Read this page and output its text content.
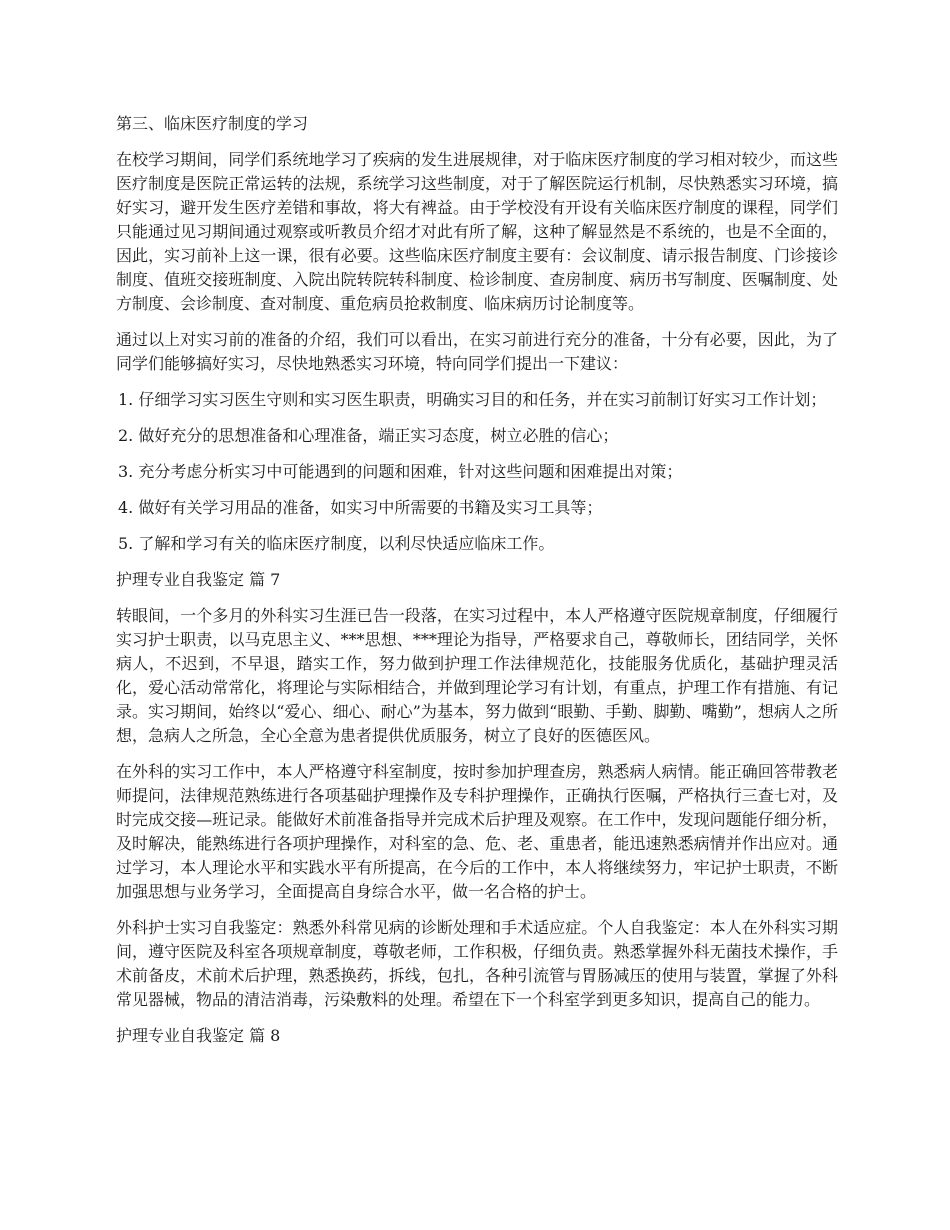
第三、临床医疗制度的学习

在校学习期间，同学们系统地学习了疾病的发生进展规律，对于临床医疗制度的学习相对较少，而这些医疗制度是医院正常运转的法规，系统学习这些制度，对于了解医院运行机制，尽快熟悉实习环境，搞好实习，避开发生医疗差错和事故，将大有裨益。由于学校没有开设有关临床医疗制度的课程，同学们只能通过见习期间通过观察或听教员介绍才对此有所了解，这种了解显然是不系统的，也是不全面的，因此，实习前补上这一课，很有必要。这些临床医疗制度主要有：会议制度、请示报告制度、门诊接诊制度、值班交接班制度、入院出院转院转科制度、检诊制度、查房制度、病历书写制度、医嘱制度、处方制度、会诊制度、查对制度、重危病员抢救制度、临床病历讨论制度等。

通过以上对实习前的准备的介绍，我们可以看出，在实习前进行充分的准备，十分有必要，因此，为了同学们能够搞好实习，尽快地熟悉实习环境，特向同学们提出一下建议：

1. 仔细学习实习医生守则和实习医生职责，明确实习目的和任务，并在实习前制订好实习工作计划；

2. 做好充分的思想准备和心理准备，端正实习态度，树立必胜的信心；

3. 充分考虑分析实习中可能遇到的问题和困难，针对这些问题和困难提出对策；

4. 做好有关学习用品的准备，如实习中所需要的书籍及实习工具等；

5. 了解和学习有关的临床医疗制度，以利尽快适应临床工作。

护理专业自我鉴定 篇 7

转眼间，一个多月的外科实习生涯已告一段落，在实习过程中，本人严格遵守医院规章制度，仔细履行实习护士职责，以马克思主义、***思想、***理论为指导，严格要求自己，尊敬师长，团结同学，关怀病人，不迟到，不早退，踏实工作，努力做到护理工作法律规范化，技能服务优质化，基础护理灵活化，爱心活动常常化，将理论与实际相结合，并做到理论学习有计划，有重点，护理工作有措施、有记录。实习期间，始终以“爱心、细心、耐心”为基本，努力做到“眼勤、手勤、脚勤、嘴勤”，想病人之所想，急病人之所急，全心全意为患者提供优质服务，树立了良好的医德医风。

在外科的实习工作中，本人严格遵守科室制度，按时参加护理查房，熟悉病人病情。能正确回答带教老师提问，法律规范熟练进行各项基础护理操作及专科护理操作，正确执行医嘱，严格执行三查七对，及时完成交接—班记录。能做好术前准备指导并完成术后护理及观察。在工作中，发现问题能仔细分析，及时解决，能熟练进行各项护理操作，对科室的急、危、老、重患者，能迅速熟悉病情并作出应对。通过学习，本人理论水平和实践水平有所提高，在今后的工作中，本人将继续努力，牢记护士职责，不断加强思想与业务学习，全面提高自身综合水平，做一名合格的护士。

外科护士实习自我鉴定：熟悉外科常见病的诊断处理和手术适应症。个人自我鉴定：本人在外科实习期间，遵守医院及科室各项规章制度，尊敬老师，工作积极，仔细负责。熟悉掌握外科无菌技术操作，手术前备皮，术前术后护理，熟悉换药，拆线，包扎，各种引流管与胃肠减压的使用与装置，掌握了外科常见器械，物品的清洁消毒，污染敷料的处理。希望在下一个科室学到更多知识，提高自己的能力。

护理专业自我鉴定 篇 8
